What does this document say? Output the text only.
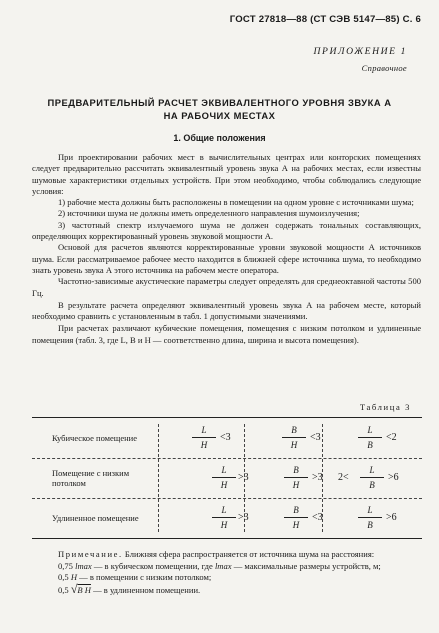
ГОСТ 27818—88 (СТ СЭВ 5147—85) С. 6
ПРИЛОЖЕНИЕ 1
Справочное
ПРЕДВАРИТЕЛЬНЫЙ РАСЧЕТ ЭКВИВАЛЕНТНОГО УРОВНЯ ЗВУКА A
НА РАБОЧИХ МЕСТАХ
1. Общие положения

При проектировании рабочих мест в вычислительных центрах или конторских помещениях следует предварительно рассчитать эквивалентный уровень звука А на рабочих местах, если известны шумовые характеристики отдельных устройств. При этом необходимо, чтобы соблюдались следующие условия:

1) рабочие места должны быть расположены в помещении на одном уровне с источниками шума;

2) источники шума не должны иметь определенного направления шумоизлучения;

3) частотный спектр излучаемого шума не должен содержать тональных составляющих, определяющих корректированный уровень звуковой мощности А.

Основой для расчетов являются корректированные уровни звуковой мощности А источников шума. Если рассматриваемое рабочее место находится в ближней сфере источника шума, то необходимо знать уровень звука А этого источника на рабочем месте оператора.

Частотно-зависимые акустические параметры следует определять для среднеоктавной частоты 500 Гц.

В результате расчета определяют эквивалентный уровень звука А на рабочем месте, который необходимо сравнить с установленным в табл. 1 допустимыми значениями.

При расчетах различают кубические помещения, помещения с низким потолком и удлиненные помещения (табл. 3, где L, B и H — соответственно длина, ширина и высота помещения).

Таблица 3
Кубическое помещение
L
H
<3
B
H
<3
L
B
<2
Помещение с низким потолком
L
H
>3
B
H
>3 2<
L
B
>6
Удлиненное помещение
L
H
>3
B
H
<3
L
B
>6

Примечание. Ближняя сфера распространяется от источника шума на расстояния:

0,75 lmax — в кубическом помещении, где lmax — максимальные размеры устройств, м;

0,5 H — в помещении с низким потолком;

0,5 √B H — в удлиненном помещении.
